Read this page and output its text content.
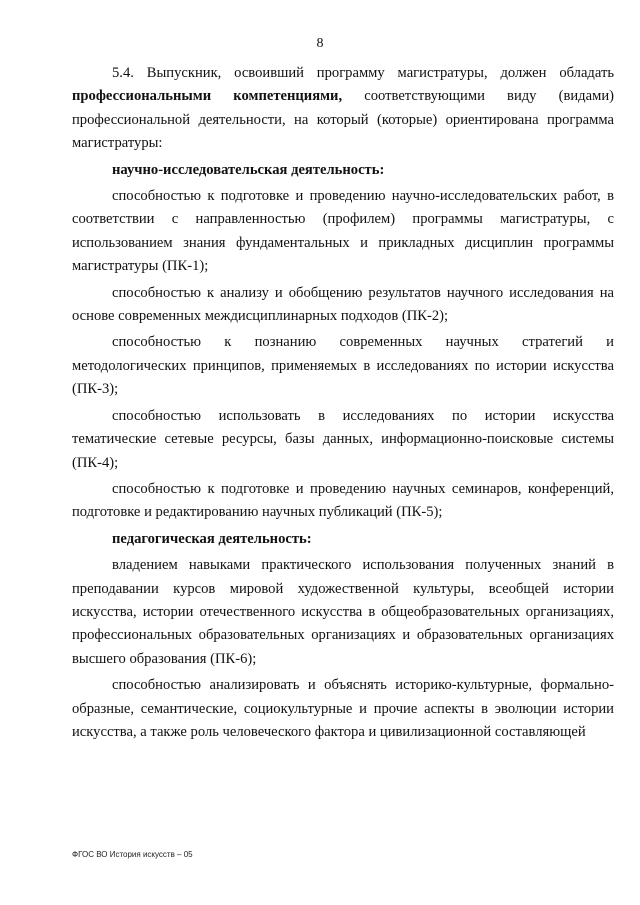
8

5.4. Выпускник, освоивший программу магистратуры, должен обладать профессиональными компетенциями, соответствующими виду (видами) профессиональной деятельности, на который (которые) ориентирована программа магистратуры:

научно-исследовательская деятельность:

способностью к подготовке и проведению научно-исследовательских работ, в соответствии с направленностью (профилем) программы магистратуры, с использованием знания фундаментальных и прикладных дисциплин программы магистратуры (ПК-1);

способностью к анализу и обобщению результатов научного исследования на основе современных междисциплинарных подходов (ПК-2);

способностью к познанию современных научных стратегий и методологических принципов, применяемых в исследованиях по истории искусства (ПК-3);

способностью использовать в исследованиях по истории искусства тематические сетевые ресурсы, базы данных, информационно-поисковые системы (ПК-4);

способностью к подготовке и проведению научных семинаров, конференций, подготовке и редактированию научных публикаций (ПК-5);

педагогическая деятельность:

владением навыками практического использования полученных знаний в преподавании курсов мировой художественной культуры, всеобщей истории искусства, истории отечественного искусства в общеобразовательных организациях, профессиональных образовательных организациях и образовательных организациях высшего образования (ПК-6);

способностью анализировать и объяснять историко-культурные, формально-образные, семантические, социокультурные и прочие аспекты в эволюции истории искусства, а также роль человеческого фактора и цивилизационной составляющей

ФГОС ВО История искусств – 05
